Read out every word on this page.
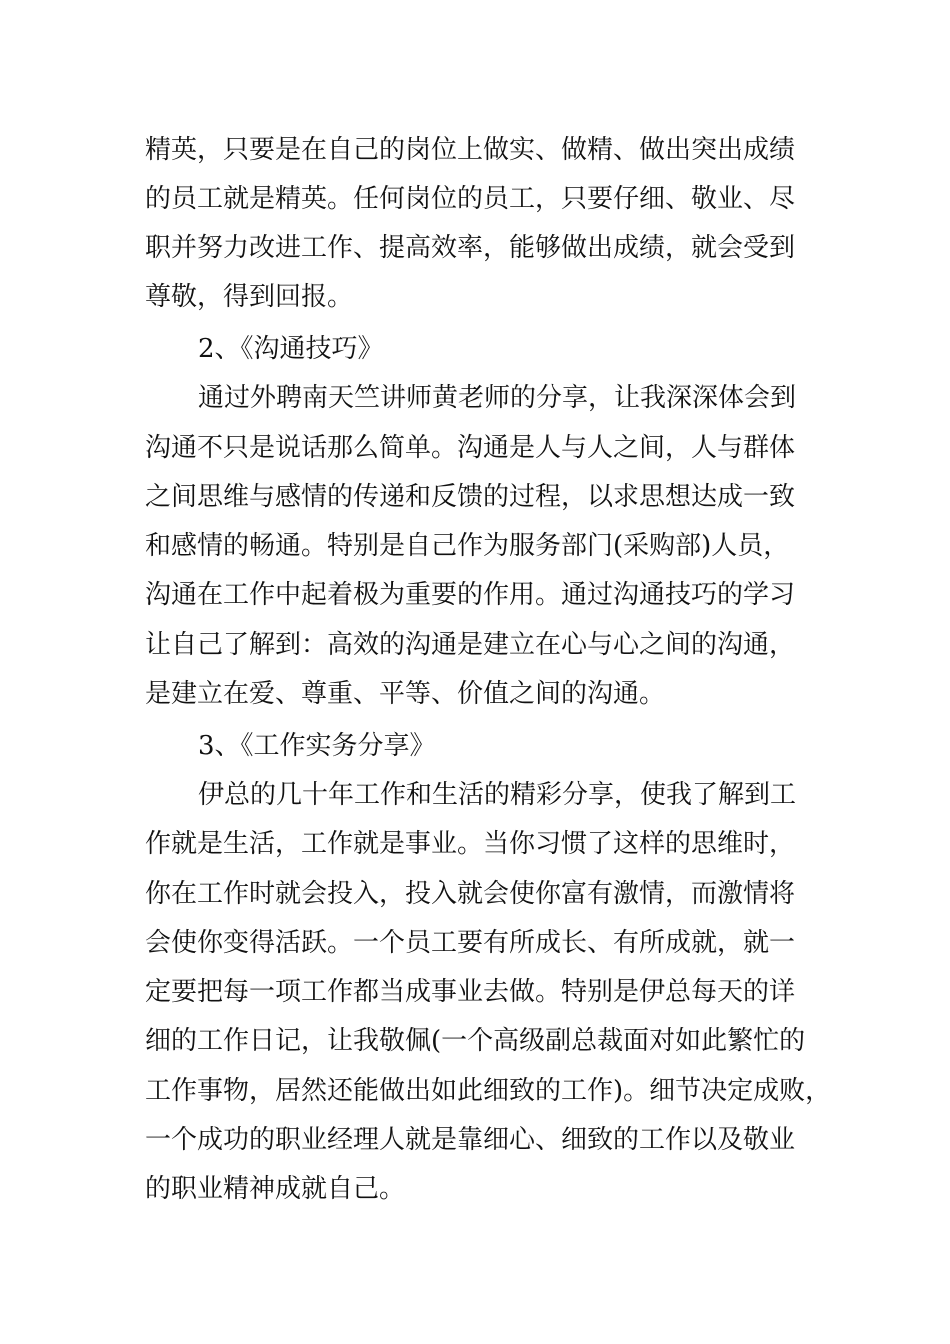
精英，只要是在自己的岗位上做实、做精、做出突出成绩

的员工就是精英。任何岗位的员工，只要仔细、敬业、尽

职并努力改进工作、提高效率，能够做出成绩，就会受到

尊敬，得到回报。

2、《沟通技巧》

通过外聘南天竺讲师黄老师的分享，让我深深体会到

沟通不只是说话那么简单。沟通是人与人之间，人与群体

之间思维与感情的传递和反馈的过程，以求思想达成一致

和感情的畅通。特别是自己作为服务部门(采购部)人员，

沟通在工作中起着极为重要的作用。通过沟通技巧的学习

让自己了解到：高效的沟通是建立在心与心之间的沟通，

是建立在爱、尊重、平等、价值之间的沟通。

3、《工作实务分享》

伊总的几十年工作和生活的精彩分享，使我了解到工

作就是生活，工作就是事业。当你习惯了这样的思维时，

你在工作时就会投入，投入就会使你富有激情，而激情将

会使你变得活跃。一个员工要有所成长、有所成就，就一

定要把每一项工作都当成事业去做。特别是伊总每天的详

细的工作日记，让我敬佩(一个高级副总裁面对如此繁忙的

工作事物，居然还能做出如此细致的工作)。细节决定成败，

一个成功的职业经理人就是靠细心、细致的工作以及敬业

的职业精神成就自己。
